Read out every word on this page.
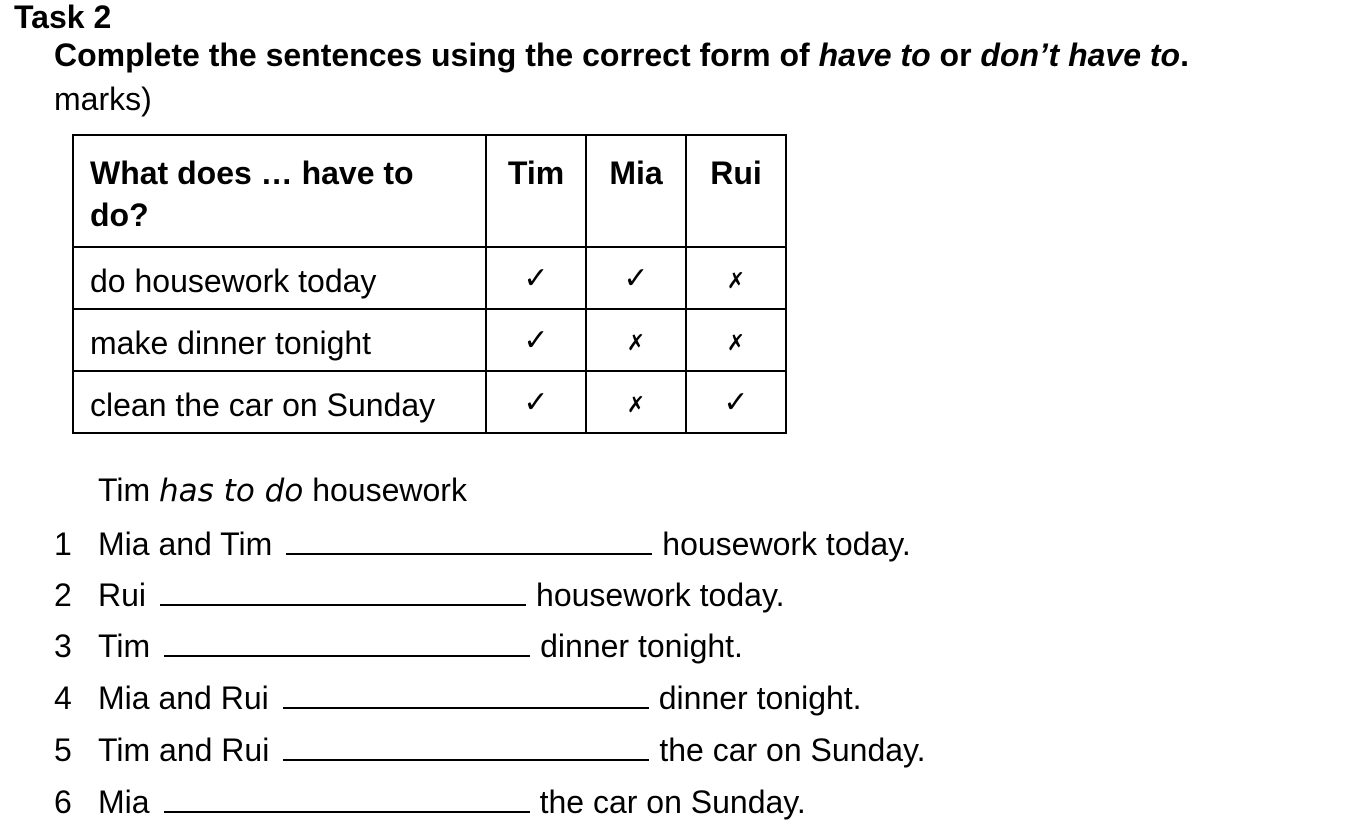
Task 2
Complete the sentences using the correct form of have to or don’t have to.
marks)
What does … have to do?	Tim	Mia	Rui
do housework today	✓	✓	✗
make dinner tonight	✓	✗	✗
clean the car on Sunday	✓	✗	✓
Tim has to do housework
1 Mia and Tim	housework today.
2 Rui	housework today.
3 Tim	dinner tonight.
4 Mia and Rui	dinner tonight.
5 Tim and Rui	the car on Sunday.
6 Mia	the car on Sunday.
